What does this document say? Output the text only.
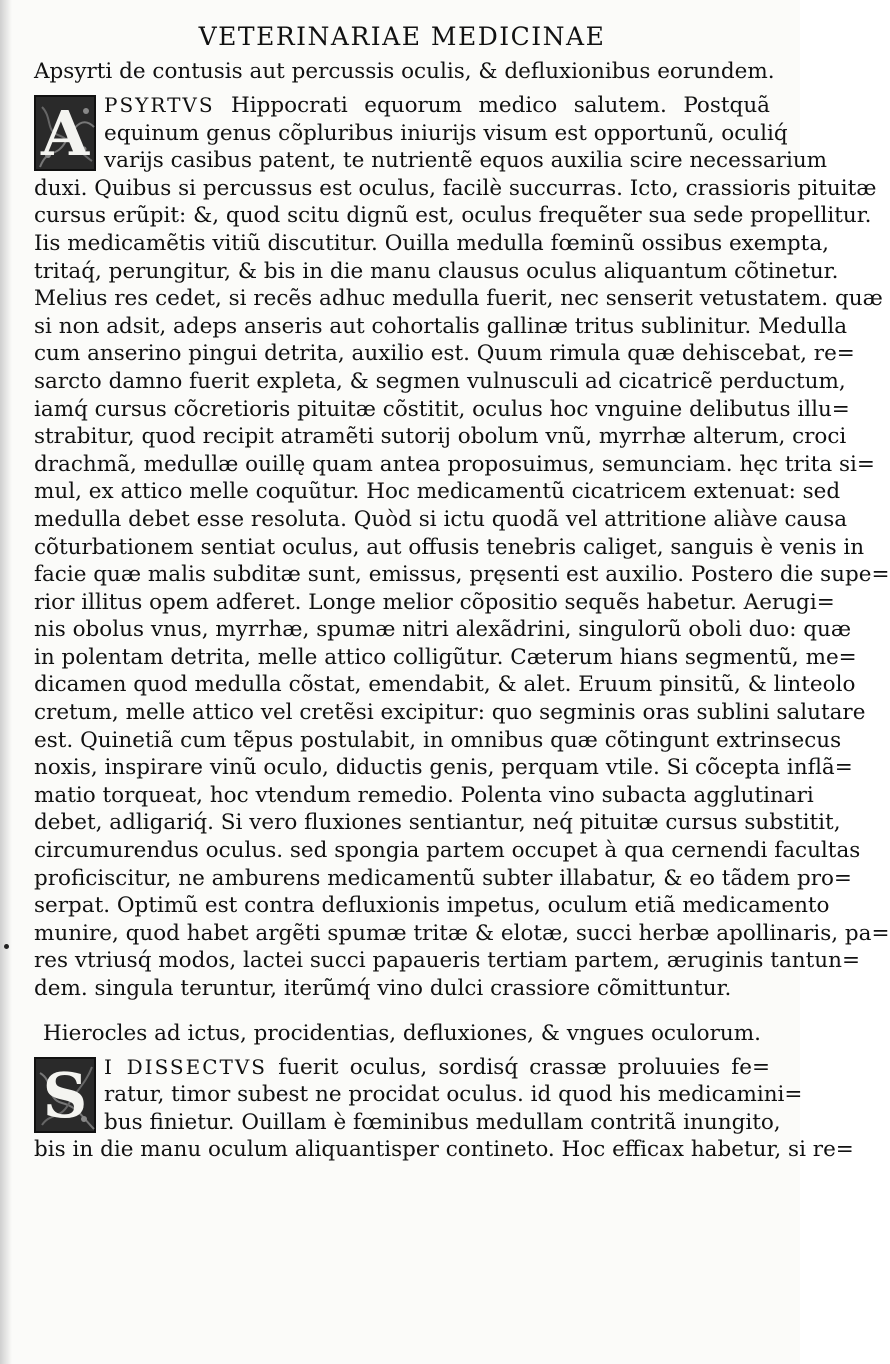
VETERINARIAE MEDICINAE
Apsyrti de contusis aut percussis oculis, & defluxionibus eorundem.
A PSYRTVS Hippocrati equorum medico salutem. Postquã
equinum genus cõpluribus iniurijs visum est opportunũ, oculiq́
varijs casibus patent, te nutrientẽ equos auxilia scire necessarium
duxi. Quibus si percussus est oculus, facilè succurras. Icto, crassioris pituitæ
cursus erũpit: &, quod scitu dignũ est, oculus frequẽter sua sede propellitur.
Iis medicamẽtis vitiũ discutitur. Ouilla medulla fœminũ ossibus exempta,
tritaq́, perungitur, & bis in die manu clausus oculus aliquantum cõtinetur.
Melius res cedet, si recẽs adhuc medulla fuerit, nec senserit vetustatem. quæ
si non adsit, adeps anseris aut cohortalis gallinæ tritus sublinitur. Medulla
cum anserino pingui detrita, auxilio est. Quum rimula quæ dehiscebat, re=
sarcto damno fuerit expleta, & segmen vulnusculi ad cicatricẽ perductum,
iamq́ cursus cõcretioris pituitæ cõstitit, oculus hoc vnguine delibutus illu=
strabitur, quod recipit atramẽti sutorij obolum vnũ, myrrhæ alterum, croci
drachmã, medullæ ouillę quam antea proposuimus, semunciam. hęc trita si=
mul, ex attico melle coquũtur. Hoc medicamentũ cicatricem extenuat: sed
medulla debet esse resoluta. Quòd si ictu quodã vel attritione aliàve causa
cõturbationem sentiat oculus, aut offusis tenebris caliget, sanguis è venis in
facie quæ malis subditæ sunt, emissus, pręsenti est auxilio. Postero die supe=
rior illitus opem adferet. Longe melior cõpositio sequẽs habetur. Aerugi=
nis obolus vnus, myrrhæ, spumæ nitri alexãdrini, singulorũ oboli duo: quæ
in polentam detrita, melle attico colligũtur. Cæterum hians segmentũ, me=
dicamen quod medulla cõstat, emendabit, & alet. Eruum pinsitũ, & linteolo
cretum, melle attico vel cretẽsi excipitur: quo segminis oras sublini salutare
est. Quinetiã cum tẽpus postulabit, in omnibus quæ cõtingunt extrinsecus
noxis, inspirare vinũ oculo, diductis genis, perquam vtile. Si cõcepta inflã=
matio torqueat, hoc vtendum remedio. Polenta vino subacta agglutinari
debet, adligariq́. Si vero fluxiones sentiantur, neq́ pituitæ cursus substitit,
circumurendus oculus. sed spongia partem occupet à qua cernendi facultas
proficiscitur, ne amburens medicamentũ subter illabatur, & eo tãdem pro=
serpat. Optimũ est contra defluxionis impetus, oculum etiã medicamento
munire, quod habet argẽti spumæ tritæ & elotæ, succi herbæ apollinaris, pa=
res vtriusq́ modos, lactei succi papaueris tertiam partem, æruginis tantun=
dem. singula teruntur, iterũmq́ vino dulci crassiore cõmittuntur.
Hierocles ad ictus, procidentias, defluxiones, & vngues oculorum.
S I DISSECTVS fuerit oculus, sordisq́ crassæ proluuies fe=
ratur, timor subest ne procidat oculus. id quod his medicamini=
bus finietur. Ouillam è fœminibus medullam contritã inungito,
bis in die manu oculum aliquantisper contineto. Hoc efficax habetur, si re=
